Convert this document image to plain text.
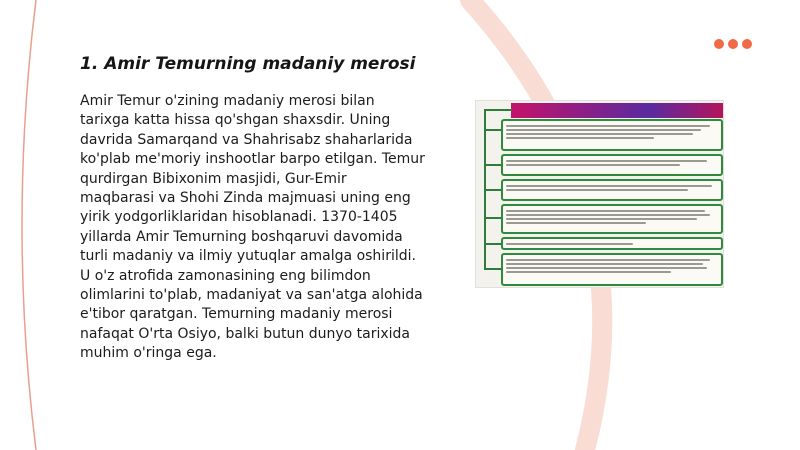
1. Amir Temurning madaniy merosi
Amir Temur o'zining madaniy merosi bilan tarixga katta hissa qo'shgan shaxsdir. Uning davrida Samarqand va Shahrisabz shaharlarida ko'plab me'moriy inshootlar barpo etilgan. Temur qurdirgan Bibixonim masjidi, Gur-Emir maqbarasi va Shohi Zinda majmuasi uning eng yirik yodgorliklaridan hisoblanadi. 1370-1405 yillarda Amir Temurning boshqaruvi davomida turli madaniy va ilmiy yutuqlar amalga oshirildi. U o'z atrofida zamonasining eng bilimdon olimlarini to'plab, madaniyat va san'atga alohida e'tibor qaratgan. Temurning madaniy merosi nafaqat O'rta Osiyo, balki butun dunyo tarixida muhim o'ringa ega.
